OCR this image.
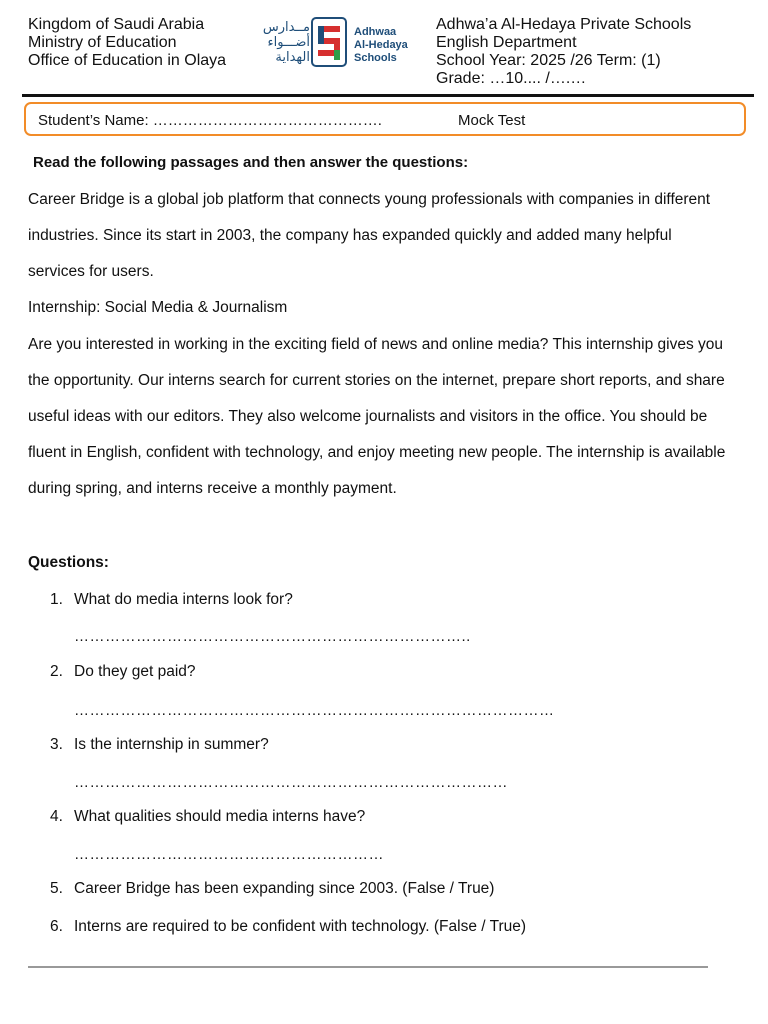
Kingdom of Saudi Arabia
Ministry of Education
Office of Education in Olaya
مــدارس
أضـــواء
الهداية
Adhwaa
Al-Hedaya
Schools
Adhwa’a Al-Hedaya Private Schools
English Department
School Year: 2025 /26 Term: (1)
Grade: …10.... /….…
Student’s Name: ……………………………………….	Mock Test
Read the following passages and then answer the questions:

Career Bridge is a global job platform that connects young professionals with companies in different industries. Since its start in 2003, the company has expanded quickly and added many helpful services for users.

Internship: Social Media & Journalism

Are you interested in working in the exciting field of news and online media? This internship gives you the opportunity. Our interns search for current stories on the internet, prepare short reports, and share useful ideas with our editors. They also welcome journalists and visitors in the office. You should be fluent in English, confident with technology, and enjoy meeting new people. The internship is available during spring, and interns receive a monthly payment.

Questions:
1. What do media interns look for?
…………………………………………………………………..
2. Do they get paid?
…………………………………………………………………………………
3. Is the internship in summer?
…………………………………………………………………………
4. What qualities should media interns have?
……………………………………………………
5. Career Bridge has been expanding since 2003. (False / True)
6. Interns are required to be confident with technology. (False / True)
